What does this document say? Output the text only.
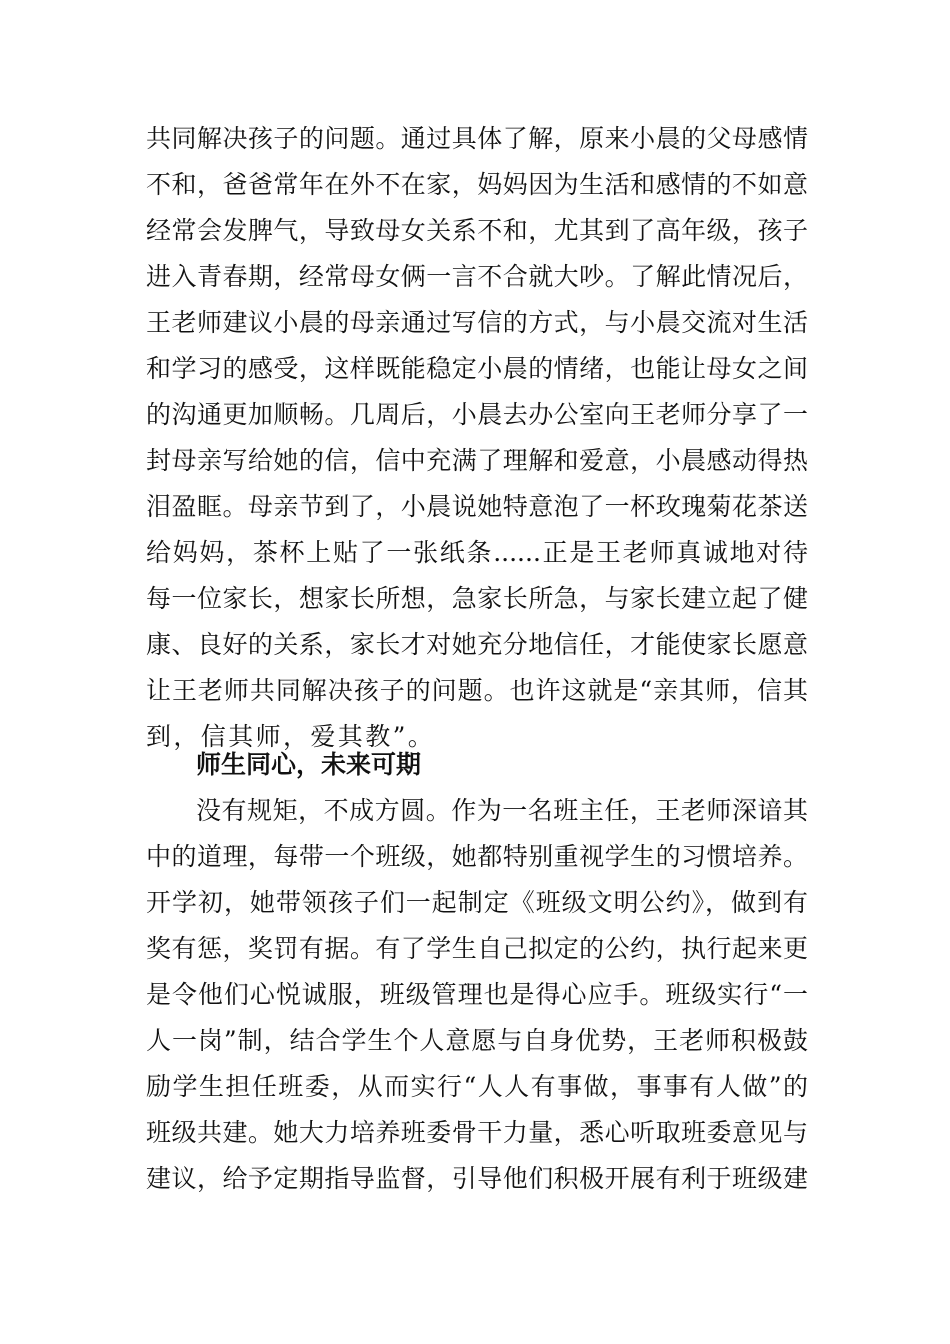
共同解决孩子的问题。通过具体了解，原来小晨的父母感情
不和，爸爸常年在外不在家，妈妈因为生活和感情的不如意
经常会发脾气，导致母女关系不和，尤其到了高年级，孩子
进入青春期，经常母女俩一言不合就大吵。了解此情况后，
王老师建议小晨的母亲通过写信的方式，与小晨交流对生活
和学习的感受，这样既能稳定小晨的情绪，也能让母女之间
的沟通更加顺畅。几周后，小晨去办公室向王老师分享了一
封母亲写给她的信，信中充满了理解和爱意，小晨感动得热
泪盈眶。母亲节到了，小晨说她特意泡了一杯玫瑰菊花茶送
给妈妈，茶杯上贴了一张纸条......正是王老师真诚地对待
每一位家长，想家长所想，急家长所急，与家长建立起了健
康、良好的关系，家长才对她充分地信任，才能使家长愿意
让王老师共同解决孩子的问题。也许这就是“亲其师，信其
到，信其师，爱其教”。
师生同心，未来可期
没有规矩，不成方圆。作为一名班主任，王老师深谙其
中的道理，每带一个班级，她都特别重视学生的习惯培养。
开学初，她带领孩子们一起制定《班级文明公约》，做到有
奖有惩，奖罚有据。有了学生自己拟定的公约，执行起来更
是令他们心悦诚服，班级管理也是得心应手。班级实行“一
人一岗”制，结合学生个人意愿与自身优势，王老师积极鼓
励学生担任班委，从而实行“人人有事做，事事有人做”的
班级共建。她大力培养班委骨干力量，悉心听取班委意见与
建议，给予定期指导监督，引导他们积极开展有利于班级建
